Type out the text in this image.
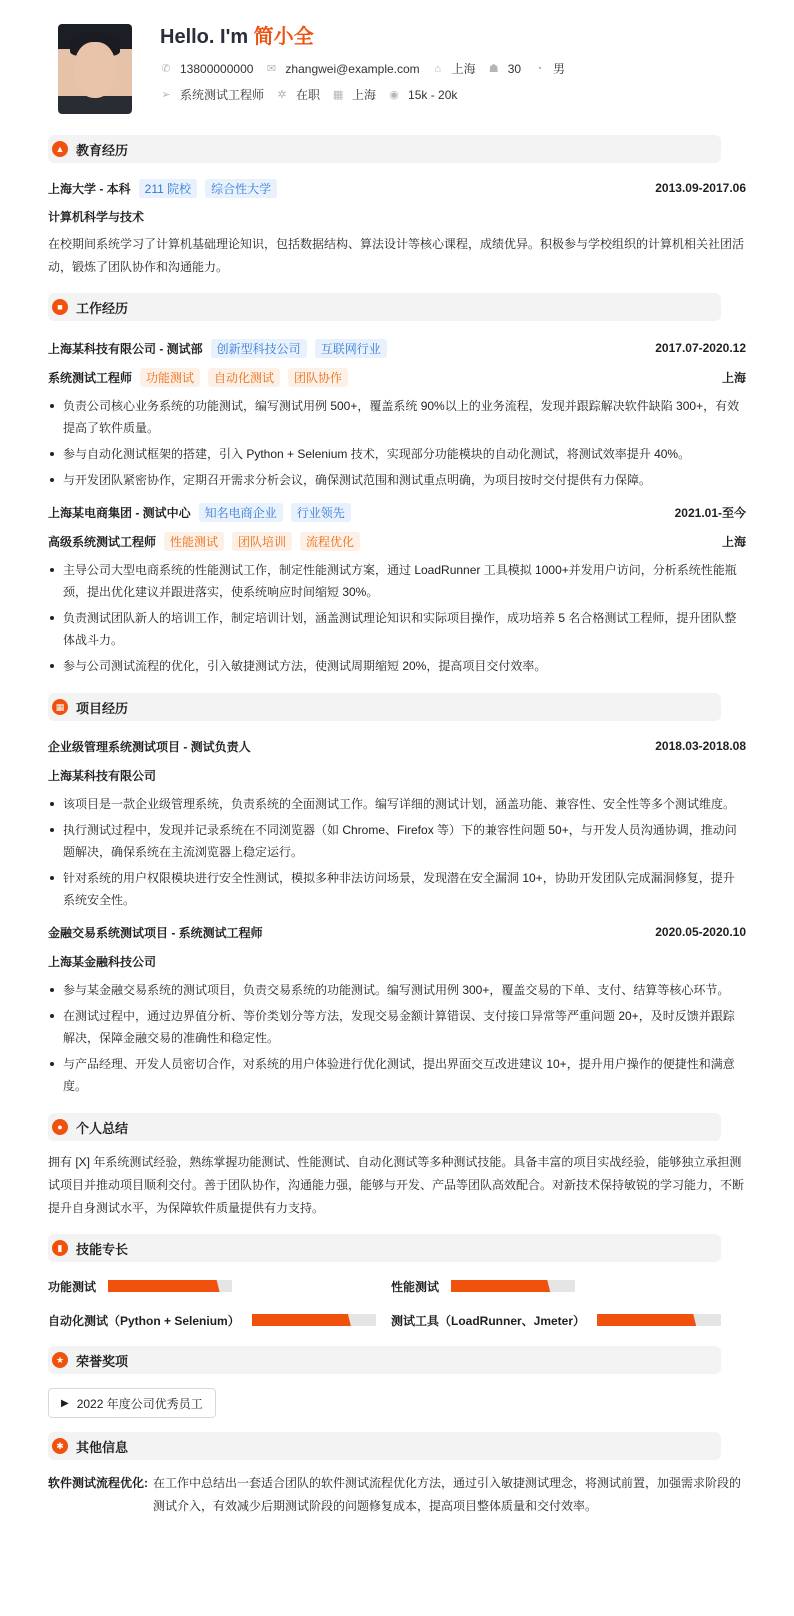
Hello. I'm 简小全
✆ 13800000000 ✉ zhangwei@example.com ⌂ 上海 ☗ 30 ◔ 男
➢ 系统测试工程师 ✲ 在职 ▦ 上海 ◉ 15k - 20k
▲ 教育经历
上海大学 - 本科	211 院校	综合性大学	2013.09-2017.06
计算机科学与技术

在校期间系统学习了计算机基础理论知识，包括数据结构、算法设计等核心课程，成绩优异。积极参与学校组织的计算机相关社团活动，锻炼了团队协作和沟通能力。

■	工作经历
上海某科技有限公司 - 测试部	创新型科技公司	互联网行业	2017.07-2020.12
系统测试工程师	功能测试	自动化测试	团队协作	上海
负责公司核心业务系统的功能测试，编写测试用例 500+，覆盖系统 90%以上的业务流程，发现并跟踪解决软件缺陷 300+，有效提高了软件质量。
参与自动化测试框架的搭建，引入 Python + Selenium 技术，实现部分功能模块的自动化测试，将测试效率提升 40%。
与开发团队紧密协作，定期召开需求分析会议，确保测试范围和测试重点明确，为项目按时交付提供有力保障。
上海某电商集团 - 测试中心	知名电商企业	行业领先	2021.01-至今
高级系统测试工程师	性能测试	团队培训	流程优化	上海
主导公司大型电商系统的性能测试工作，制定性能测试方案，通过 LoadRunner 工具模拟 1000+并发用户访问，分析系统性能瓶颈，提出优化建议并跟进落实，使系统响应时间缩短 30%。
负责测试团队新人的培训工作，制定培训计划，涵盖测试理论知识和实际项目操作，成功培养 5 名合格测试工程师，提升团队整体战斗力。
参与公司测试流程的优化，引入敏捷测试方法，使测试周期缩短 20%，提高项目交付效率。
▦ 项目经历
企业级管理系统测试项目 - 测试负责人	2018.03-2018.08
上海某科技有限公司
该项目是一款企业级管理系统，负责系统的全面测试工作。编写详细的测试计划，涵盖功能、兼容性、安全性等多个测试维度。
执行测试过程中，发现并记录系统在不同浏览器（如 Chrome、Firefox 等）下的兼容性问题 50+，与开发人员沟通协调，推动问题解决，确保系统在主流浏览器上稳定运行。
针对系统的用户权限模块进行安全性测试，模拟多种非法访问场景，发现潜在安全漏洞 10+，协助开发团队完成漏洞修复，提升系统安全性。
金融交易系统测试项目 - 系统测试工程师	2020.05-2020.10
上海某金融科技公司
参与某金融交易系统的测试项目，负责交易系统的功能测试。编写测试用例 300+，覆盖交易的下单、支付、结算等核心环节。
在测试过程中，通过边界值分析、等价类划分等方法，发现交易金额计算错误、支付接口异常等严重问题 20+，及时反馈并跟踪解决，保障金融交易的准确性和稳定性。
与产品经理、开发人员密切合作，对系统的用户体验进行优化测试，提出界面交互改进建议 10+，提升用户操作的便捷性和满意度。
●	个人总结

拥有 [X] 年系统测试经验，熟练掌握功能测试、性能测试、自动化测试等多种测试技能。具备丰富的项目实战经验，能够独立承担测试项目并推动项目顺利交付。善于团队协作，沟通能力强，能够与开发、产品等团队高效配合。对新技术保持敏锐的学习能力，不断提升自身测试水平，为保障软件质量提供有力支持。

▮	技能专长
功能测试	性能测试
自动化测试（Python + Selenium）	测试工具（LoadRunner、Jmeter）
★ 荣誉奖项
▶ 2022 年度公司优秀员工
✱ 其他信息
软件测试流程优化: 在工作中总结出一套适合团队的软件测试流程优化方法，通过引入敏捷测试理念，将测试前置，加强需求阶段的测试介入，有效减少后期测试阶段的问题修复成本，提高项目整体质量和交付效率。
